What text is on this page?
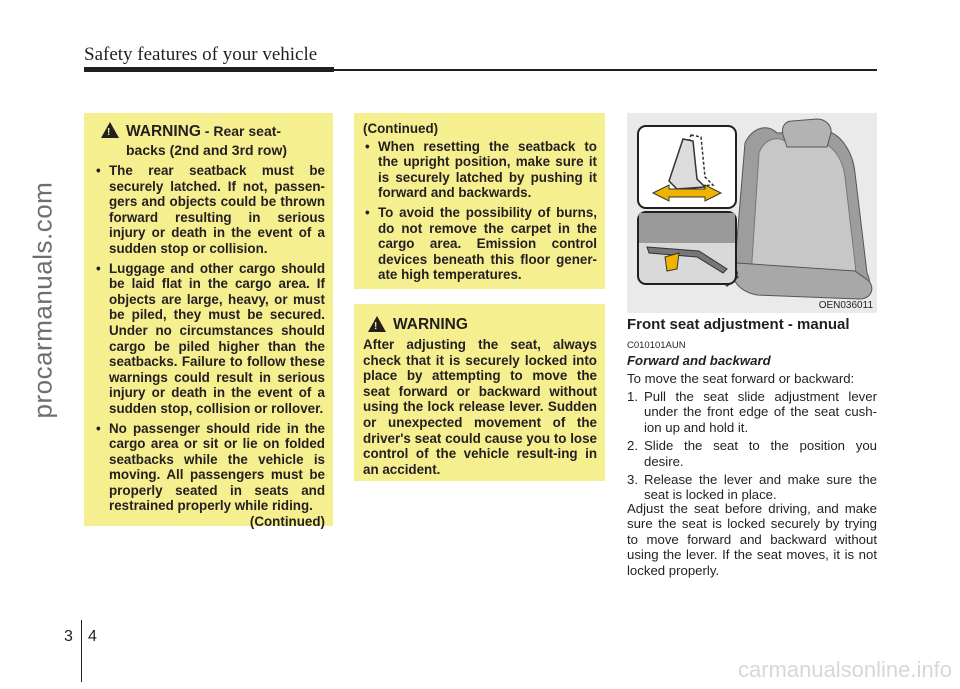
Safety features of your vehicle
procarmanuals.com
!
WARNING - Rear seat-
backs (2nd and 3rd row)
• The rear seatback must be securely latched. If not, passen-gers and objects could be thrown forward resulting in serious injury or death in the event of a sudden stop or collision.
• Luggage and other cargo should be laid flat in the cargo area. If objects are large, heavy, or must be piled, they must be secured. Under no circumstances should cargo be piled higher than the seatbacks. Failure to follow these warnings could result in serious injury or death in the event of a sudden stop, collision or rollover.
• No passenger should ride in the cargo area or sit or lie on folded seatbacks while the vehicle is moving. All passengers must be properly seated in seats and restrained properly while riding.
(Continued)
(Continued)
• When resetting the seatback to the upright position, make sure it is securely latched by pushing it forward and backwards.
• To avoid the possibility of burns, do not remove the carpet in the cargo area. Emission control devices beneath this floor gener-ate high temperatures.
!
WARNING
After adjusting the seat, always check that it is securely locked into place by attempting to move the seat forward or backward without using the lock release lever. Sudden or unexpected movement of the driver's seat could cause you to lose control of the vehicle result-ing in an accident.
OEN036011
Front seat adjustment - manual
C010101AUN
Forward and backward
To move the seat forward or backward:
1. Pull the seat slide adjustment lever under the front edge of the seat cush-ion up and hold it.
2. Slide the seat to the position you desire.
3. Release the lever and make sure the seat is locked in place.
Adjust the seat before driving, and make sure the seat is locked securely by trying to move forward and backward without using the lever. If the seat moves, it is not locked properly.
3 4
carmanualsonline.info
